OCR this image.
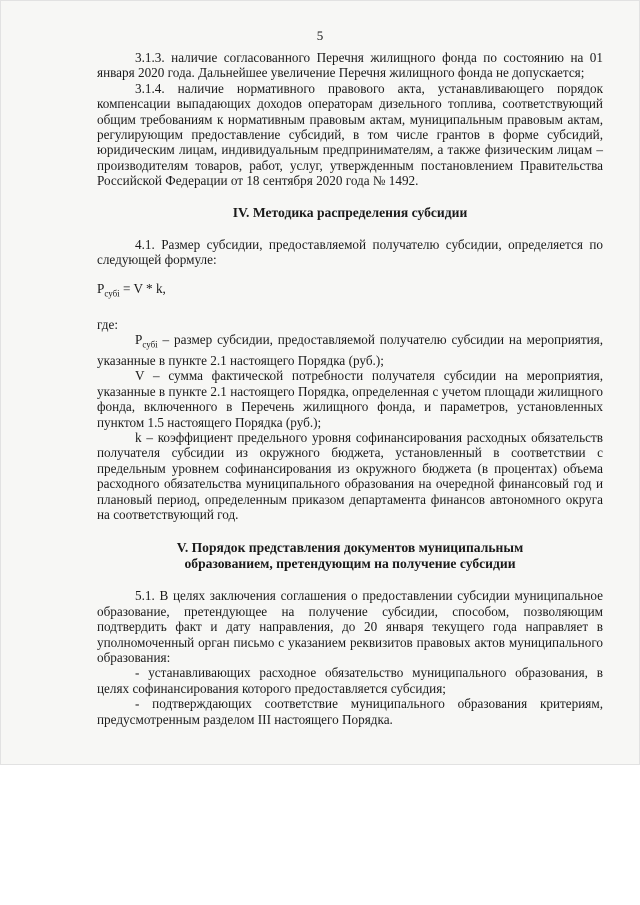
5

3.1.3. наличие согласованного Перечня жилищного фонда по состоянию на 01 января 2020 года. Дальнейшее увеличение Перечня жилищного фонда не допускается;

3.1.4. наличие нормативного правового акта, устанавливающего порядок компенсации выпадающих доходов операторам дизельного топлива, соответствующий общим требованиям к нормативным правовым актам, муниципальным правовым актам, регулирующим предоставление субсидий, в том числе грантов в форме субсидий, юридическим лицам, индивидуальным предпринимателям, а также физическим лицам – производителям товаров, работ, услуг, утвержденным постановлением Правительства Российской Федерации от 18 сентября 2020 года № 1492.

IV. Методика распределения субсидии

4.1. Размер субсидии, предоставляемой получателю субсидии, определяется по следующей формуле:

$P_{субi} = V * k$,

где:

$P_{субi}$ – размер субсидии, предоставляемой получателю субсидии на мероприятия, указанные в пункте 2.1 настоящего Порядка (руб.);

V – сумма фактической потребности получателя субсидии на мероприятия, указанные в пункте 2.1 настоящего Порядка, определенная с учетом площади жилищного фонда, включенного в Перечень жилищного фонда, и параметров, установленных пунктом 1.5 настоящего Порядка (руб.);

k – коэффициент предельного уровня софинансирования расходных обязательств получателя субсидии из окружного бюджета, установленный в соответствии с предельным уровнем софинансирования из окружного бюджета (в процентах) объема расходного обязательства муниципального образования на очередной финансовый год и плановый период, определенным приказом департамента финансов автономного округа на соответствующий год.

V. Порядок представления документов муниципальным
образованием, претендующим на получение субсидии

5.1. В целях заключения соглашения о предоставлении субсидии муниципальное образование, претендующее на получение субсидии, способом, позволяющим подтвердить факт и дату направления, до 20 января текущего года направляет в уполномоченный орган письмо с указанием реквизитов правовых актов муниципального образования:

- устанавливающих расходное обязательство муниципального образования, в целях софинансирования которого предоставляется субсидия;

- подтверждающих соответствие муниципального образования критериям, предусмотренным разделом III настоящего Порядка.
